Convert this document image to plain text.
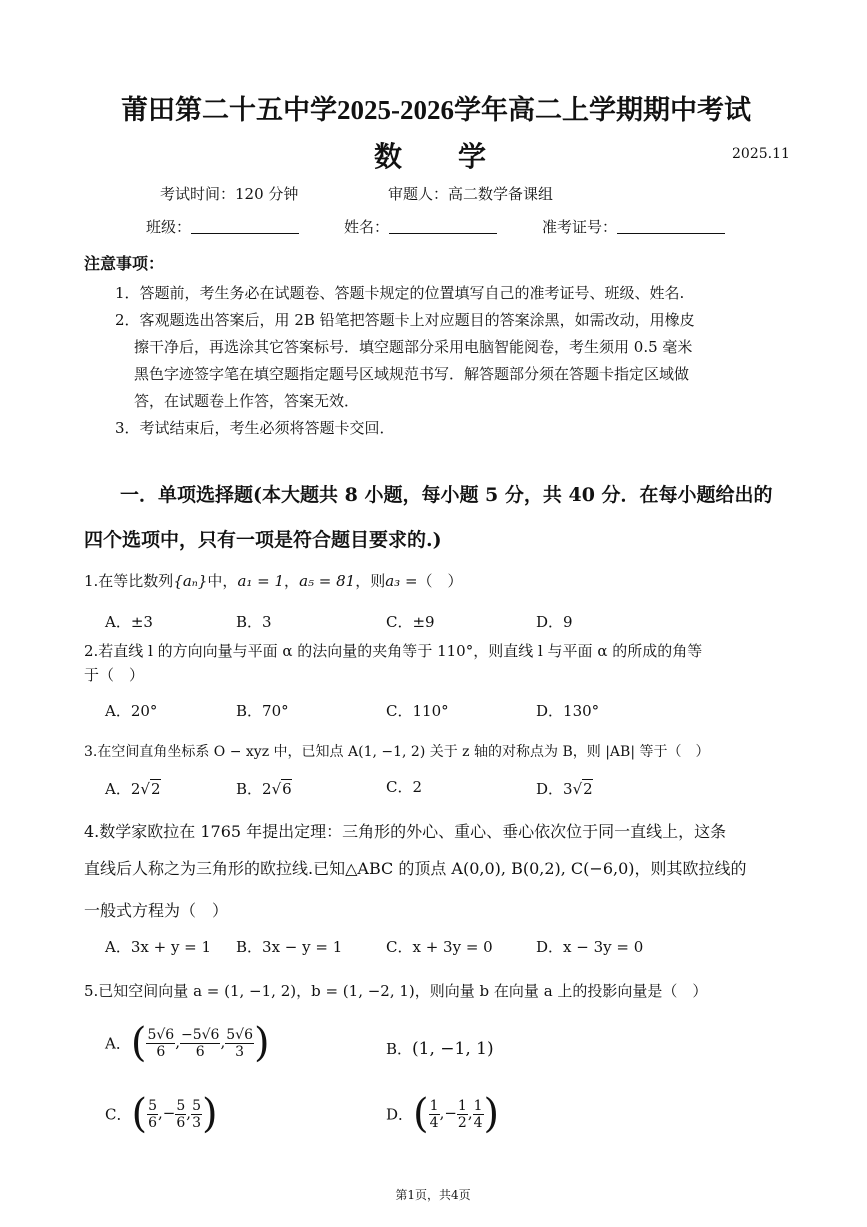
莆田第二十五中学2025-2026学年高二上学期期中考试
数　　学	2025.11
考试时间：120 分钟	审题人：高二数学备课组
班级：	姓名：	准考证号：
注意事项：
1．答题前，考生务必在试题卷、答题卡规定的位置填写自己的准考证号、班级、姓名.
2．客观题选出答案后，用 2B 铅笔把答题卡上对应题目的答案涂黑，如需改动，用橡皮
擦干净后，再选涂其它答案标号．填空题部分采用电脑智能阅卷，考生须用 0.5 毫米
黑色字迹签字笔在填空题指定题号区域规范书写．解答题部分须在答题卡指定区域做
答，在试题卷上作答，答案无效．
3．考试结束后，考生必须将答题卡交回．
一．单项选择题(本大题共 8 小题，每小题 5 分，共 40 分．在每小题给出的
四个选项中，只有一项是符合题目要求的.)
1.在等比数列{aₙ}中，a₁ = 1，a₅ = 81，则a₃ =（　）
A．±3	B．3	C．±9	D．9
2.若直线 l 的方向向量与平面 α 的法向量的夹角等于 110°，则直线 l 与平面 α 的所成的角等
于（　）
A．20°	B．70°	C．110°	D．130°
3.在空间直角坐标系 O − xyz 中，已知点 A(1, −1, 2) 关于 z 轴的对称点为 B，则 |AB| 等于（　）
A．2√2	B．2√6	C．2	D．3√2
4.数学家欧拉在 1765 年提出定理：三角形的外心、重心、垂心依次位于同一直线上，这条
直线后人称之为三角形的欧拉线.已知△ABC 的顶点 A(0,0), B(0,2), C(−6,0)，则其欧拉线的
一般式方程为（　）
A．3x + y = 1 B．3x − y = 1	C．x + 3y = 0	D．x − 3y = 0
5.已知空间向量 a = (1, −1, 2)，b = (1, −2, 1)，则向量 b 在向量 a 上的投影向量是（　）
A．( $\frac{5√6}{6}$ , $\frac{-5√6}{6}$ , $\frac{5√6}{3}$ )	B．(1, −1, 1)
C．( $\frac{5}{6}$ ,− $\frac{5}{6}$ , $\frac{5}{3}$ )	D．( $\frac{1}{4}$ ,− $\frac{1}{2}$ , $\frac{1}{4}$ )
第1页，共4页
